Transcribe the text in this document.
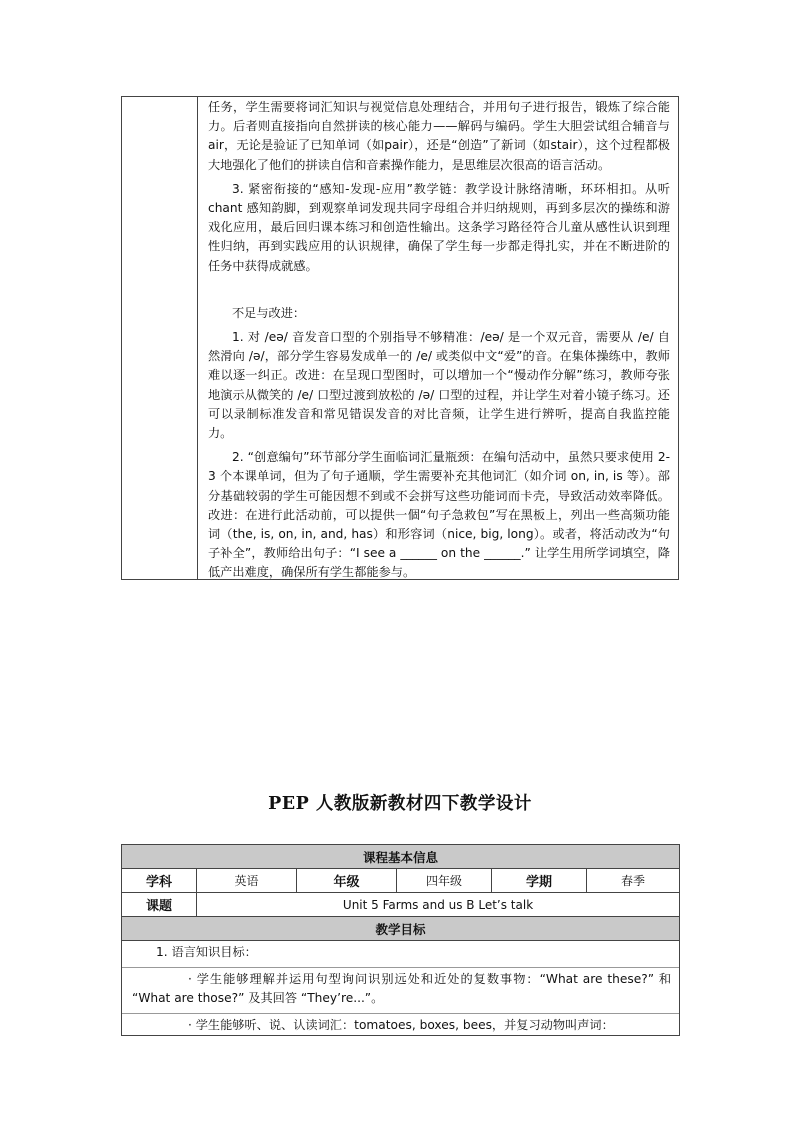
任务，学生需要将词汇知识与视觉信息处理结合，并用句子进行报告，锻炼了综合能力。后者则直接指向自然拼读的核心能力——解码与编码。学生大胆尝试组合辅音与 air，无论是验证了已知单词（如pair），还是“创造”了新词（如stair），这个过程都极大地强化了他们的拼读自信和音素操作能力，是思维层次很高的语言活动。

3. 紧密衔接的“感知-发现-应用”教学链：教学设计脉络清晰，环环相扣。从听 chant 感知韵脚，到观察单词发现共同字母组合并归纳规则，再到多层次的操练和游戏化应用，最后回归课本练习和创造性输出。这条学习路径符合儿童从感性认识到理性归纳，再到实践应用的认识规律，确保了学生每一步都走得扎实，并在不断进阶的任务中获得成就感。

不足与改进：

1. 对 /eə/ 音发音口型的个别指导不够精准：/eə/ 是一个双元音，需要从 /e/ 自然滑向 /ə/，部分学生容易发成单一的 /e/ 或类似中文“爱”的音。在集体操练中，教师难以逐一纠正。改进：在呈现口型图时，可以增加一个“慢动作分解”练习，教师夸张地演示从微笑的 /e/ 口型过渡到放松的 /ə/ 口型的过程，并让学生对着小镜子练习。还可以录制标准发音和常见错误发音的对比音频，让学生进行辨听，提高自我监控能力。

2. “创意编句”环节部分学生面临词汇量瓶颈：在编句活动中，虽然只要求使用 2-3 个本课单词，但为了句子通顺，学生需要补充其他词汇（如介词 on, in, is 等）。部分基础较弱的学生可能因想不到或不会拼写这些功能词而卡壳，导致活动效率降低。改进：在进行此活动前，可以提供一個“句子急救包”写在黑板上，列出一些高频功能词（the, is, on, in, and, has）和形容词（nice, big, long）。或者，将活动改为“句子补全”，教师给出句子：“I see a ______ on the ______.” 让学生用所学词填空，降低产出难度，确保所有学生都能参与。

PEP 人教版新教材四下教学设计
课程基本信息					
学科	英语	年级	四年级	学期	春季
课题	Unit 5 Farms and us B Let’s talk				
教学目标					

1. 语言知识目标：

· 学生能够理解并运用句型询问识别远处和近处的复数事物：“What are these?” 和 “What are those?” 及其回答 “They’re...”。

· 学生能够听、说、认读词汇：tomatoes, boxes, bees，并复习动物叫声词：					
